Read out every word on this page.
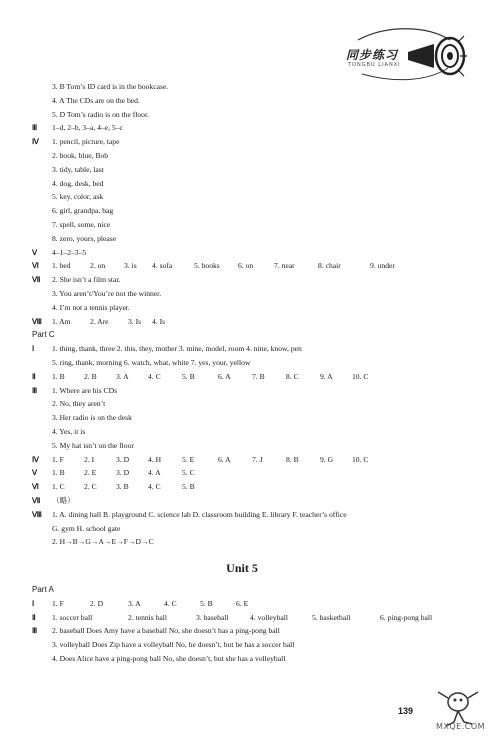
同步练习
TONGBU LIANXI
3. B Tom’s ID card is in the bookcase.
4. A The CDs are on the bed.
5. D Tom’s radio is on the floor.
Ⅲ	1–d, 2–b, 3–a, 4–e, 5–c
Ⅳ	1. pencil, picture, tape
2. book, blue, Bob
3. tidy, table, last
4. dog, desk, bed
5. key, color, ask
6. girl, grandpa, bag
7. spell, some, nice
8. zero, yours, please
Ⅴ	4–1–2–3–5
Ⅵ	1. bed	2. on 3. is 4. sofa	5. books 6. on	7. near	8. chair	9. under
Ⅶ	2. She isn’t a film star.
3. You aren’t/You’re not the winner.
4. I’m not a tennis player.
Ⅷ	1. Am	2. Are	3. Is 4. Is
Part C
Ⅰ	1. thing, thank, three 2. this, they, mother 3. mine, model, room 4. nine, know, pen
5. ring, thank, morning 6. watch, what, white 7. yes, your, yellow
Ⅱ	1. B	2. B	3. A	4. C	5. B	6. A	7. B	8. C	9. A	10. C
Ⅲ	1. Where are his CDs
2. No, they aren’t
3. Her radio is on the desk
4. Yes, it is
5. My hat isn’t on the floor
Ⅳ	1. F	2. I	3. D 4. H	5. E	6. A	7. J	8. B	9. G 10. C
Ⅴ	1. B	2. E	3. D 4. A	5. C
Ⅵ	1. C	2. C	3. B	4. C	5. B
Ⅶ	（略）
Ⅷ	1. A. dining hall B. playground C. science lab D. classroom building E. library F. teacher’s office
G. gym H. school gate
2. H→B→G→A→E→F→D→C
Unit 5
Part A
Ⅰ	1. F	2. D	3. A	4. C	5. B	6. E
Ⅱ	1. soccer ball	2. tennis ball	3. baseball	4. volleyball	5. basketball	6. ping-pong ball
Ⅲ	2. baseball Does Amy have a baseball No, she doesn’t has a ping-pong ball
3. volleyball Does Zip have a volleyball No, he doesn’t, but he has a soccer ball
4. Does Alice have a ping-pong ball No, she doesn’t, but she has a volleyball
139
MXQE.COM
